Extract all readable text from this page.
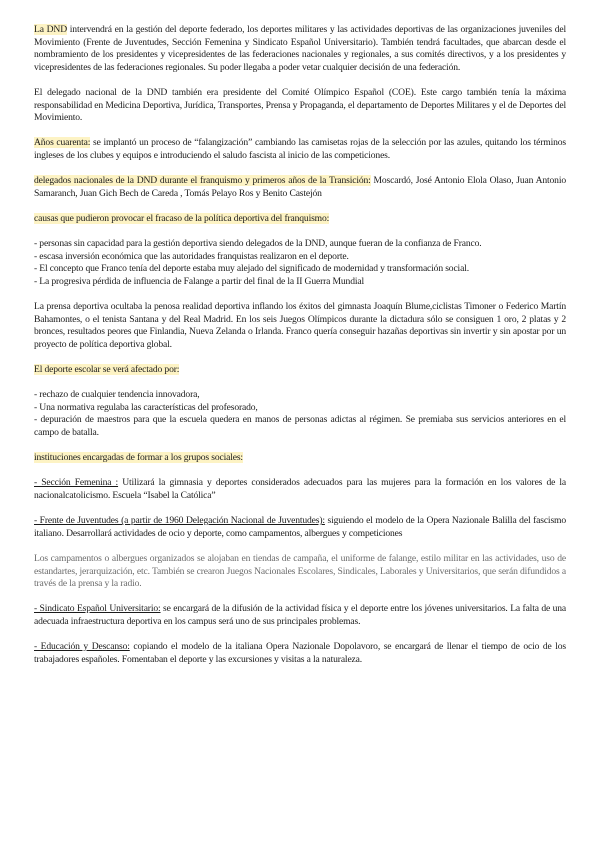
La DND intervendrá en la gestión del deporte federado, los deportes militares y las actividades deportivas de las organizaciones juveniles del Movimiento (Frente de Juventudes, Sección Femenina y Sindicato Español Universitario). También tendrá facultades, que abarcan desde el nombramiento de los presidentes y vicepresidentes de las federaciones nacionales y regionales, a sus comités directivos, y a los presidentes y vicepresidentes de las federaciones regionales. Su poder llegaba a poder vetar cualquier decisión de una federación.

El delegado nacional de la DND también era presidente del Comité Olímpico Español (COE). Este cargo también tenía la máxima responsabilidad en Medicina Deportiva, Jurídica, Transportes, Prensa y Propaganda, el departamento de Deportes Militares y el de Deportes del Movimiento.

Años cuarenta: se implantó un proceso de “falangización” cambiando las camisetas rojas de la selección por las azules, quitando los términos ingleses de los clubes y equipos e introduciendo el saludo fascista al inicio de las competiciones.

delegados nacionales de la DND durante el franquismo y primeros años de la Transición: Moscardó, José Antonio Elola Olaso, Juan Antonio Samaranch, Juan Gich Bech de Careda , Tomás Pelayo Ros y Benito Castejón

causas que pudieron provocar el fracaso de la política deportiva del franquismo:

- personas sin capacidad para la gestión deportiva siendo delegados de la DND, aunque fueran de la confianza de Franco.
- escasa inversión económica que las autoridades franquistas realizaron en el deporte.
- El concepto que Franco tenía del deporte estaba muy alejado del significado de modernidad y transformación social.
- La progresiva pérdida de influencia de Falange a partir del final de la II Guerra Mundial

La prensa deportiva ocultaba la penosa realidad deportiva inflando los éxitos del gimnasta Joaquín Blume,ciclistas Timoner o Federico Martín Bahamontes, o el tenista Santana y del Real Madrid. En los seis Juegos Olímpicos durante la dictadura sólo se consiguen 1 oro, 2 platas y 2 bronces, resultados peores que Finlandia, Nueva Zelanda o Irlanda. Franco quería conseguir hazañas deportivas sin invertir y sin apostar por un proyecto de política deportiva global.

El deporte escolar se verá afectado por:

- rechazo de cualquier tendencia innovadora,
- Una normativa regulaba las características del profesorado,
- depuración de maestros para que la escuela quedera en manos de personas adictas al régimen. Se premiaba sus servicios anteriores en el campo de batalla.

instituciones encargadas de formar a los grupos sociales:

- Sección Femenina : Utilizará la gimnasia y deportes considerados adecuados para las mujeres para la formación en los valores de la nacionalcatolicismo. Escuela “Isabel la Católica”

- Frente de Juventudes (a partir de 1960 Delegación Nacional de Juventudes): siguiendo el modelo de la Opera Nazionale Balilla del fascismo italiano. Desarrollará actividades de ocio y deporte, como campamentos, albergues y competiciones

Los campamentos o albergues organizados se alojaban en tiendas de campaña, el uniforme de falange, estilo militar en las actividades, uso de estandartes, jerarquización, etc. También se crearon Juegos Nacionales Escolares, Sindicales, Laborales y Universitarios, que serán difundidos a través de la prensa y la radio.

- Sindicato Español Universitario: se encargará de la difusión de la actividad física y el deporte entre los jóvenes universitarios. La falta de una adecuada infraestructura deportiva en los campus será uno de sus principales problemas.

- Educación y Descanso: copiando el modelo de la italiana Opera Nazionale Dopolavoro, se encargará de llenar el tiempo de ocio de los trabajadores españoles. Fomentaban el deporte y las excursiones y visitas a la naturaleza.
